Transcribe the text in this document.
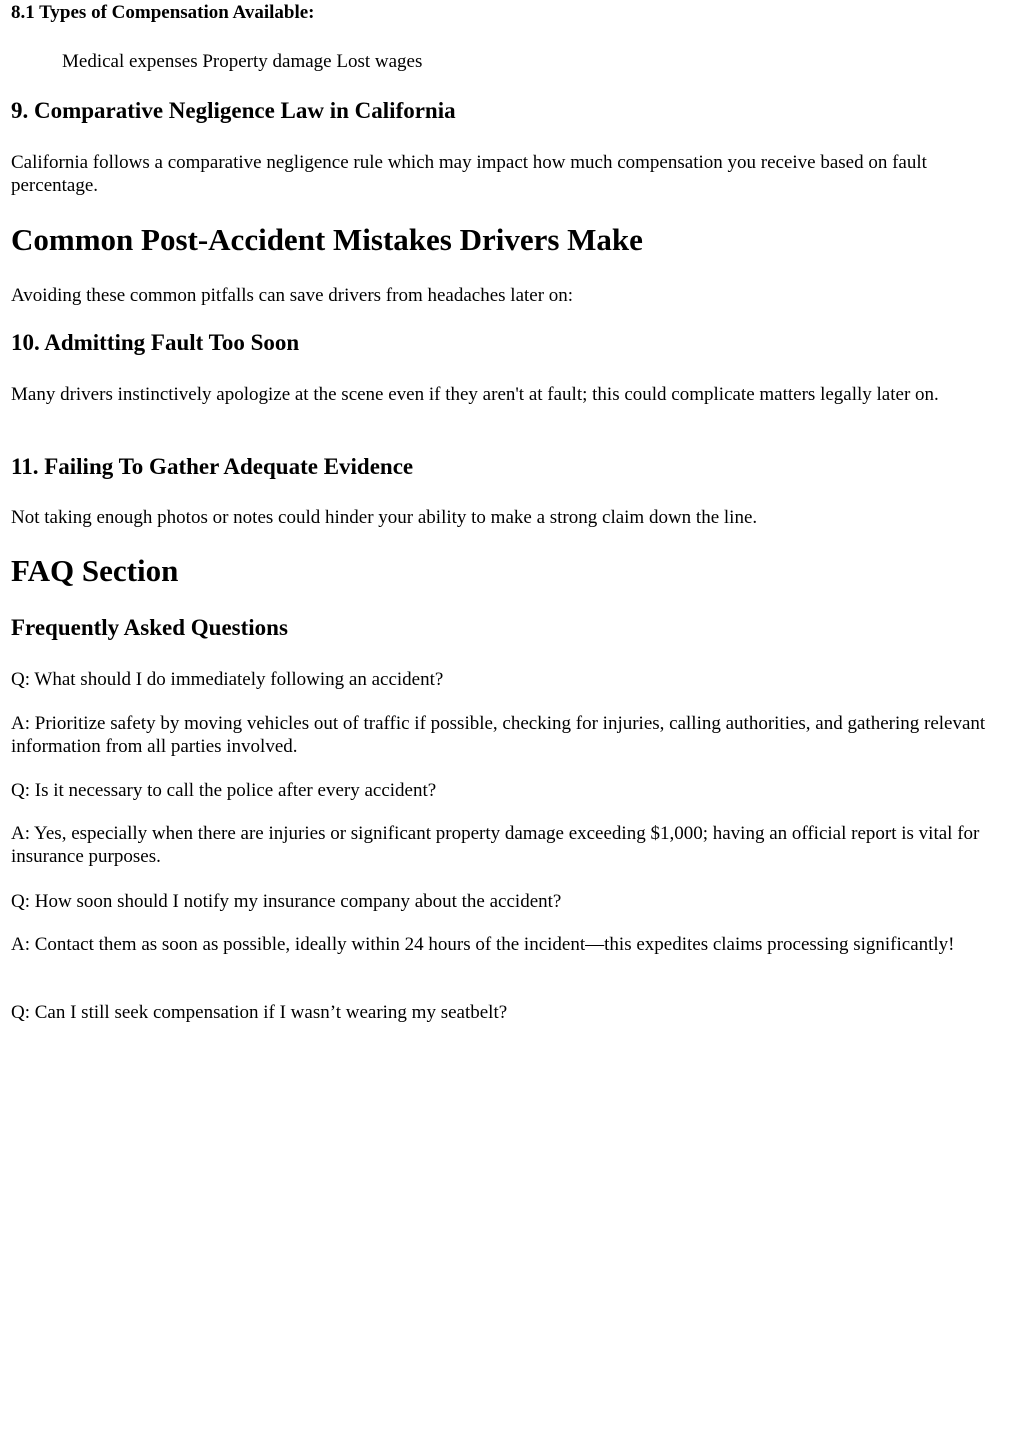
8.1 Types of Compensation Available:

Medical expenses Property damage Lost wages

9. Comparative Negligence Law in California

California follows a comparative negligence rule which may impact how much compensation you receive based on fault percentage.

Common Post-Accident Mistakes Drivers Make

Avoiding these common pitfalls can save drivers from headaches later on:

10. Admitting Fault Too Soon

Many drivers instinctively apologize at the scene even if they aren't at fault; this could complicate matters legally later on.

11. Failing To Gather Adequate Evidence

Not taking enough photos or notes could hinder your ability to make a strong claim down the line.

FAQ Section
Frequently Asked Questions

Q: What should I do immediately following an accident?

A: Prioritize safety by moving vehicles out of traffic if possible, checking for injuries, calling authorities, and gathering relevant information from all parties involved.

Q: Is it necessary to call the police after every accident?

A: Yes, especially when there are injuries or significant property damage exceeding $1,000; having an official report is vital for insurance purposes.

Q: How soon should I notify my insurance company about the accident?

A: Contact them as soon as possible, ideally within 24 hours of the incident—this expedites claims processing significantly!

Q: Can I still seek compensation if I wasn’t wearing my seatbelt?
